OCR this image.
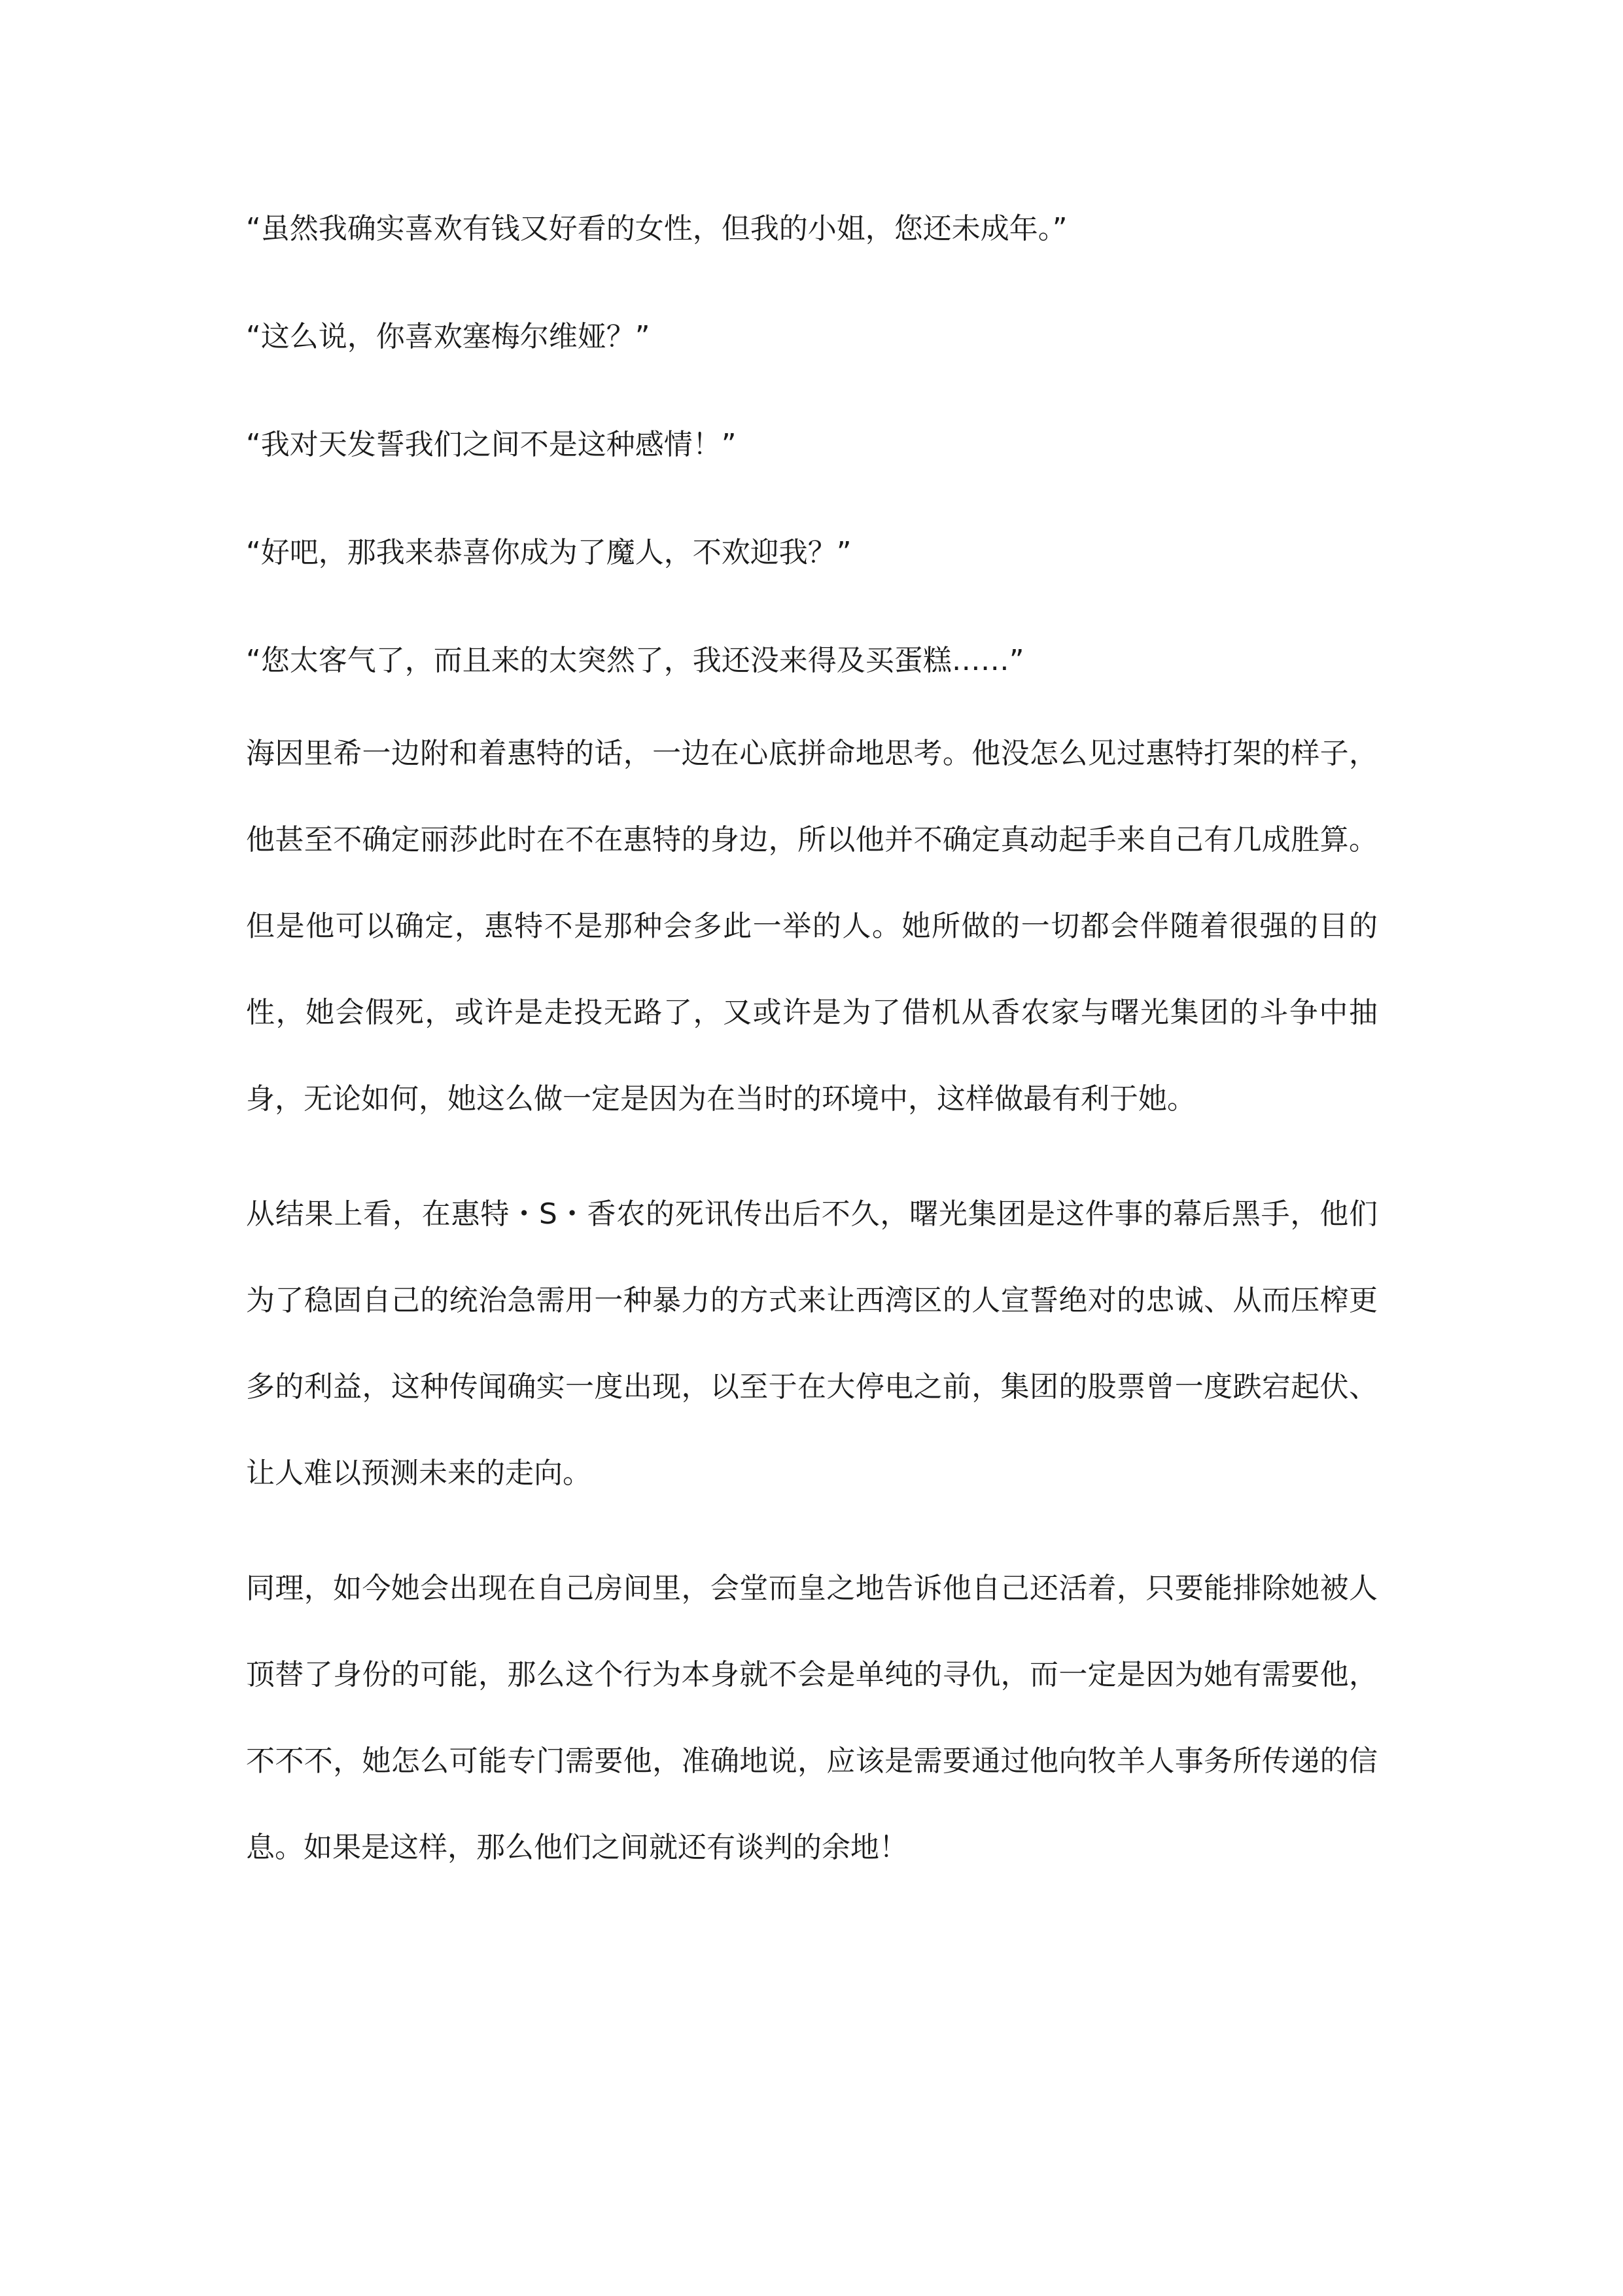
“虽然我确实喜欢有钱又好看的女性，但我的小姐，您还未成年。”

“这么说，你喜欢塞梅尔维娅？”

“我对天发誓我们之间不是这种感情！”

“好吧，那我来恭喜你成为了魔人，不欢迎我？”

“您太客气了，而且来的太突然了，我还没来得及买蛋糕……”

海因里希一边附和着惠特的话，一边在心底拼命地思考。他没怎么见过惠特打架的样子，他甚至不确定丽莎此时在不在惠特的身边，所以他并不确定真动起手来自己有几成胜算。但是他可以确定，惠特不是那种会多此一举的人。她所做的一切都会伴随着很强的目的性，她会假死，或许是走投无路了，又或许是为了借机从香农家与曙光集团的斗争中抽身，无论如何，她这么做一定是因为在当时的环境中，这样做最有利于她。

从结果上看，在惠特・S・香农的死讯传出后不久，曙光集团是这件事的幕后黑手，他们为了稳固自己的统治急需用一种暴力的方式来让西湾区的人宣誓绝对的忠诚、从而压榨更多的利益，这种传闻确实一度出现，以至于在大停电之前，集团的股票曾一度跌宕起伏、让人难以预测未来的走向。

同理，如今她会出现在自己房间里，会堂而皇之地告诉他自己还活着，只要能排除她被人顶替了身份的可能，那么这个行为本身就不会是单纯的寻仇，而一定是因为她有需要他，不不不，她怎么可能专门需要他，准确地说，应该是需要通过他向牧羊人事务所传递的信息。如果是这样，那么他们之间就还有谈判的余地！
